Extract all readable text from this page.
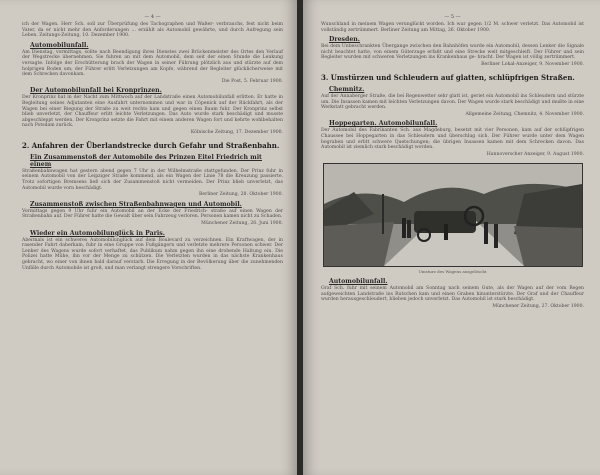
— 4 —

ich der Wagen. Herr Sch. soll zur Überprüfung des Tachographen und Waßer- verbrauchs, fest nicht beim Vater, da er nicht mehr den Anforderungen ... erzählt als Automobil gewährte, und durch Aufregung sein Leben. Zeitungs-Zeitung, 10. Dezember 1900.

Automobilunfall.

Am Dienstag, vormittags, sollte nach Beendigung ihres Dienstes zwei Brückenmeister des Ortes den Verlauf der Wegstrecke übernehmen. Sie fuhren an mit dem Automobil, dem seit der einen Stunde die Lenkung versagte. Infolge der Erschütterung brach der Wagen in seiner Führung plötzlich aus und stürzte auf dem holprigen Boden um; der Führer erlitt Verletzungen am Kopfe, während der Begleiter glücklicherweise mit dem Schrecken davonkam.

Die Post, 5. Februar 1900.
Der Automobilunfall bei Kronprinzen.

Der Kronprinz hat in der Nacht zum Mittwoch auf der Landstraße einen Automobilunfall erlitten. Er hatte in Begleitung seines Adjutanten eine Ausfahrt unternommen und war in Cöpenick auf der Rückfahrt, als der Wagen bei einer Biegung der Straße zu weit rechts kam und gegen einen Baum fuhr. Der Kronprinz selbst blieb unverletzt, der Chauffeur erlitt leichte Verletzungen. Das Auto wurde stark beschädigt und musste abgeschleppt werden. Der Kronprinz setzte die Fahrt mit einem anderen Wagen fort und kehrte wohlbehalten nach Potsdam zurück.

Kölnische Zeitung, 17. Dezember 1900.
2. Anfahren der Überlandstrecke durch Gefahr und Straßenbahn.
Ein Zusammenstoß der Automobile des Prinzen Eitel Friedrich mit einem

Straßenbahnwagen hat gestern abend gegen 7 Uhr in der Wilhelmstraße stattgefunden. Der Prinz fuhr in seinem Automobil von der Leipziger Straße kommend, als ein Wagen der Linie 78 die Kreuzung passierte. Trotz sofortigen Bremsens ließ sich der Zusammenstoß nicht vermeiden. Der Prinz blieb unverletzt, das Automobil wurde vorn beschädigt.

Berliner Zeitung, 28. Oktober 1900.
Zusammenstoß zwischen Straßenbahnwagen und Automobil.

Vormittags gegen 9 Uhr fuhr ein Automobil an der Ecke der Friedrich- straße auf einen Wagen der Straßenbahn auf. Der Führer hatte die Gewalt über sein Fahrzeug verloren. Personen kamen nicht zu Schaden.

Münchener Zeitung, 26. Juni 1900.
Wieder ein Automobilunglück in Paris.

Abermals ist ein schweres Automobilunglück auf dem Boulevard zu verzeichnen. Ein Kraftwagen, der in rasender Fahrt daherkam, fuhr in eine Gruppe von Fußgängern und verletzte mehrere Personen schwer. Der Lenker des Wagens wurde sofort verhaftet, das Publikum nahm gegen ihn eine drohende Haltung ein. Die Polizei hatte Mühe, ihn vor der Menge zu schützen. Die Verletzten wurden in das nächste Krankenhaus gebracht, wo einer von ihnen bald darauf verstarb. Die Erregung in der Bevölkerung über die zunehmenden Unfälle durch Automobile ist groß, und man verlangt strengere Vorschriften.

— 5 —

Wunschland in meinem Wagen verunglückt worden. Ich war gegen 1/2 M. schwer verletzt. Das Automobil ist vollständig zertrümmert. Berliner Zeitung am Mittag, 26. Oktober 1900.

Dresden.

Bei dem Unbeschrankten Übergange zwischen den Bahnhöfen wurde ein Automobil, dessen Lenker die Signale nicht beachtet hatte, von einem Güterzuge erfaßt und eine Strecke weit mitgeschleift. Der Führer und sein Begleiter wurden mit schweren Verletzungen ins Krankenhaus ge- bracht. Der Wagen ist völlig zertrümmert.

Berliner Lokal-Anzeiger, 9. November 1900.
3. Umstürzen und Schleudern auf glatten, schlüpfrigen Straßen.
Chemnitz.

Auf der Annaberger Straße, die bei Regenwetter sehr glatt ist, geriet ein Automobil ins Schleudern und stürzte um. Die Insassen kamen mit leichten Verletzungen davon. Der Wagen wurde stark beschädigt und mußte in eine Werkstatt gebracht werden.

Allgemeine Zeitung, Chemnitz, 4. November 1900.
Hoppegarten. Automobilunfall.

Der Automobil des Fabrikanten Sch. aus Magdeburg, besetzt mit vier Personen, kam auf der schlüpfrigen Chaussee bei Hoppegarten in das Schleudern und überschlug sich. Der Führer wurde unter dem Wagen begraben und erlitt schwere Quetschungen; die übrigen Insassen kamen mit dem Schrecken davon. Das Automobil ist ziemlich stark beschädigt worden.

Hannoverscher Anzeiger, 9. August 1900.
Umsturz des Wagens ausgelöscht
Automobilunfall.

Graf Sch. fuhr mit seinem Automobil am Sonntag nach seinem Gute, als der Wagen auf der vom Regen aufgeweichten Landstraße ins Rutschen kam und einen Graben hinunterstürzte. Der Graf und der Chauffeur wurden herausgeschleudert, blieben jedoch unverletzt. Das Automobil ist stark beschädigt.

Münchener Zeitung, 27. Oktober 1900.
